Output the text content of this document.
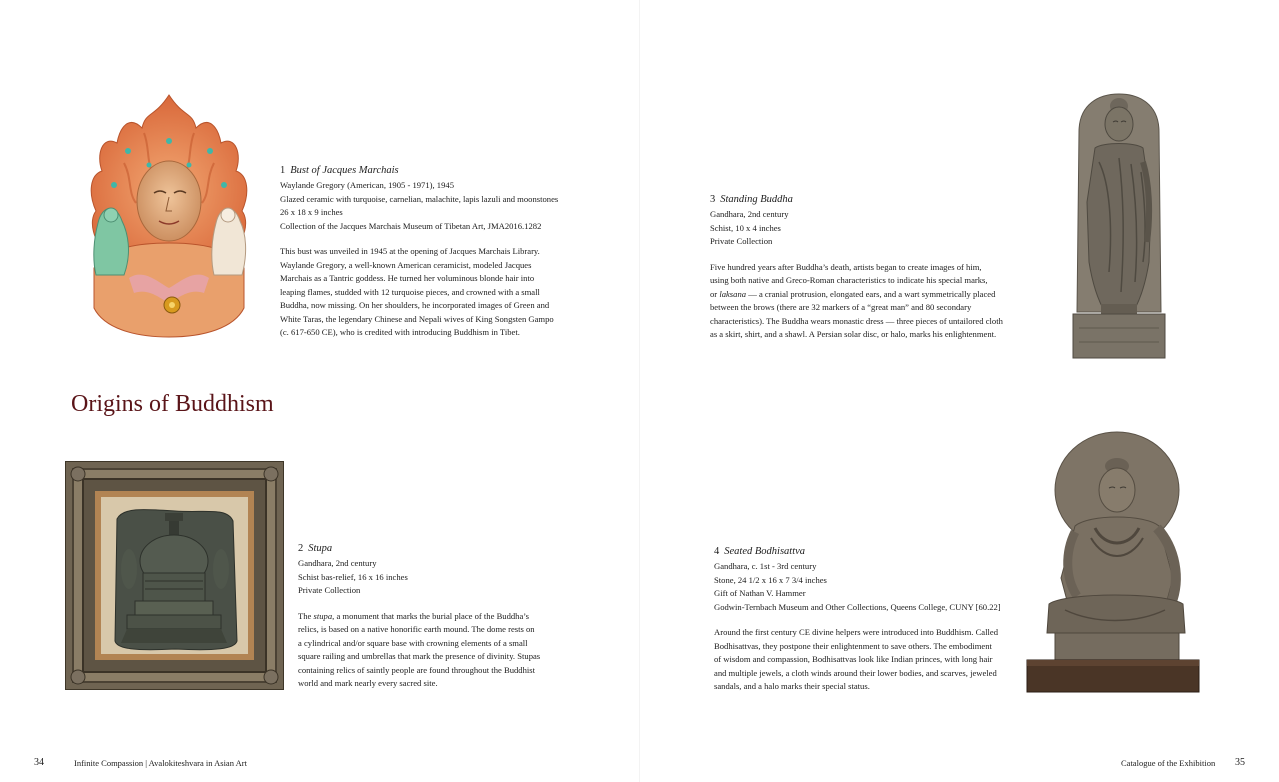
1 Bust of Jacques Marchais
Waylande Gregory (American, 1905 - 1971), 1945
Glazed ceramic with turquoise, carnelian, malachite, lapis lazuli and moonstones
26 x 18 x 9 inches
Collection of the Jacques Marchais Museum of Tibetan Art, JMA2016.1282
This bust was unveiled in 1945 at the opening of Jacques Marchais Library.
Waylande Gregory, a well-known American ceramicist, modeled Jacques
Marchais as a Tantric goddess. He turned her voluminous blonde hair into
leaping flames, studded with 12 turquoise pieces, and crowned with a small
Buddha, now missing. On her shoulders, he incorporated images of Green and
White Taras, the legendary Chinese and Nepali wives of King Songsten Gampo
(c. 617-650 CE), who is credited with introducing Buddhism in Tibet.
Origins of Buddhism
2 Stupa
Gandhara, 2nd century
Schist bas-relief, 16 x 16 inches
Private Collection
The stupa, a monument that marks the burial place of the Buddha’s
relics, is based on a native honorific earth mound. The dome rests on
a cylindrical and/or square base with crowning elements of a small
square railing and umbrellas that mark the presence of divinity. Stupas
containing relics of saintly people are found throughout the Buddhist
world and mark nearly every sacred site.
3 Standing Buddha
Gandhara, 2nd century
Schist, 10 x 4 inches
Private Collection
Five hundred years after Buddha’s death, artists began to create images of him,
using both native and Greco-Roman characteristics to indicate his special marks,
or laksana — a cranial protrusion, elongated ears, and a wart symmetrically placed
between the brows (there are 32 markers of a “great man” and 80 secondary
characteristics). The Buddha wears monastic dress — three pieces of untailored cloth
as a skirt, shirt, and a shawl. A Persian solar disc, or halo, marks his enlightenment.
4 Seated Bodhisattva
Gandhara, c. 1st - 3rd century
Stone, 24 1/2 x 16 x 7 3/4 inches
Gift of Nathan V. Hammer
Godwin-Ternbach Museum and Other Collections, Queens College, CUNY [60.22]
Around the first century CE divine helpers were introduced into Buddhism. Called
Bodhisattvas, they postpone their enlightenment to save others. The embodiment
of wisdom and compassion, Bodhisattvas look like Indian princes, with long hair
and multiple jewels, a cloth winds around their lower bodies, and scarves, jeweled
sandals, and a halo marks their special status.
34	Infinite Compassion | Avalokiteshvara in Asian Art	Catalogue of the Exhibition 35
